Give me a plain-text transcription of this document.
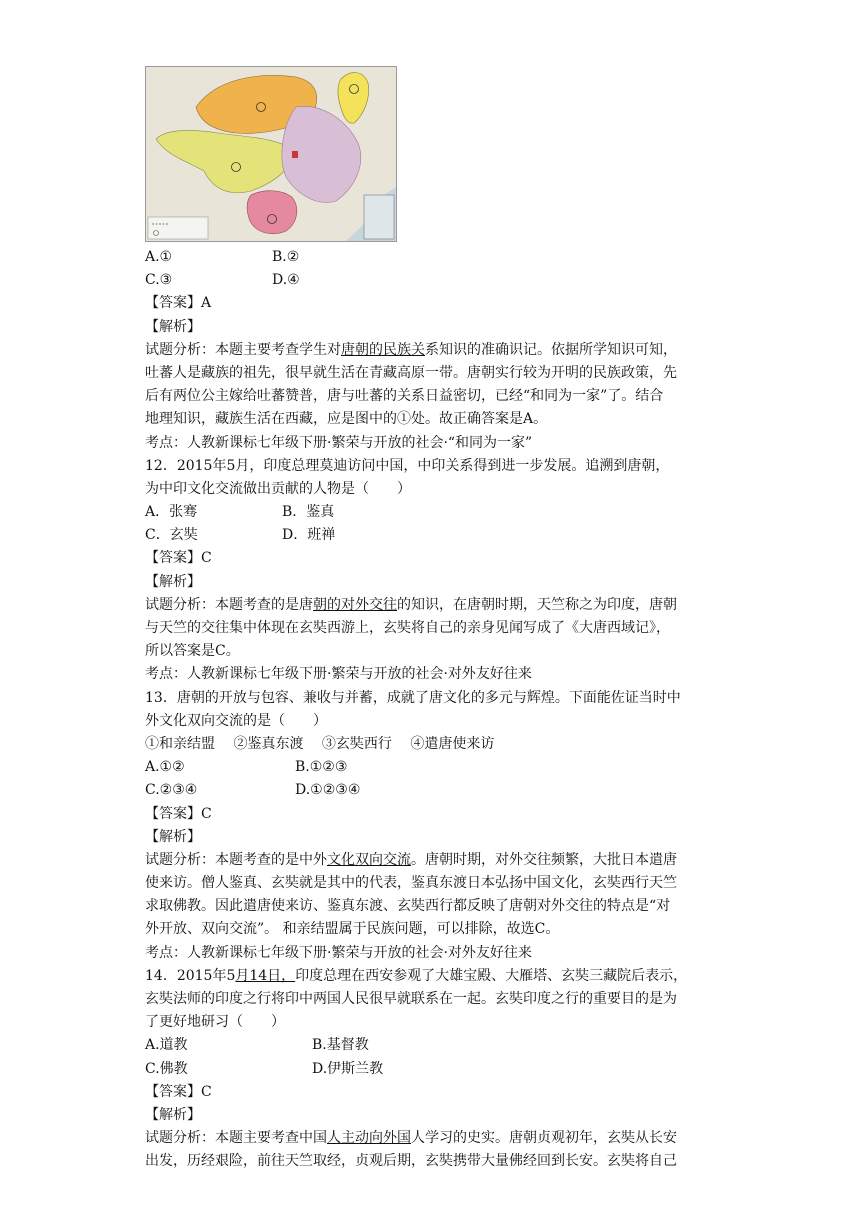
A.①	B.②
C.③	D.④
【答案】A
【解析】
试题分析：本题主要考查学生对唐朝的民族关系知识的准确识记。依据所学知识可知，
吐蕃人是藏族的祖先，很早就生活在青藏高原一带。唐朝实行较为开明的民族政策，先
后有两位公主嫁给吐蕃赞普，唐与吐蕃的关系日益密切，已经“和同为一家”了。结合
地理知识，藏族生活在西藏，应是图中的①处。故正确答案是A。
考点：人教新课标七年级下册·繁荣与开放的社会·“和同为一家”
12．2015年5月，印度总理莫迪访问中国，中印关系得到进一步发展。追溯到唐朝，
为中印文化交流做出贡献的人物是（　　）
A．张骞	B．鉴真
C．玄奘	D．班禅
【答案】C
【解析】
试题分析：本题考查的是唐朝的对外交往的知识，在唐朝时期，天竺称之为印度，唐朝
与天竺的交往集中体现在玄奘西游上，玄奘将自己的亲身见闻写成了《大唐西域记》，
所以答案是C。
考点：人教新课标七年级下册·繁荣与开放的社会·对外友好往来
13．唐朝的开放与包容、兼收与并蓄，成就了唐文化的多元与辉煌。下面能佐证当时中
外文化双向交流的是（　　）
①和亲结盟　 ②鉴真东渡　 ③玄奘西行　 ④遣唐使来访
A.①②	B.①②③
C.②③④	D.①②③④
【答案】C
【解析】
试题分析：本题考查的是中外文化双向交流。唐朝时期，对外交往频繁，大批日本遣唐
使来访。僧人鉴真、玄奘就是其中的代表，鉴真东渡日本弘扬中国文化，玄奘西行天竺
求取佛教。因此遣唐使来访、鉴真东渡、玄奘西行都反映了唐朝对外交往的特点是“对
外开放、双向交流”。 和亲结盟属于民族问题，可以排除，故选C。
考点：人教新课标七年级下册·繁荣与开放的社会·对外友好往来
14．2015年5月14日，印度总理在西安参观了大雄宝殿、大雁塔、玄奘三藏院后表示，
玄奘法师的印度之行将印中两国人民很早就联系在一起。玄奘印度之行的重要目的是为
了更好地研习（　　）
A.道教	B.基督教
C.佛教	D.伊斯兰教
【答案】C
【解析】
试题分析：本题主要考查中国人主动向外国人学习的史实。唐朝贞观初年，玄奘从长安
出发，历经艰险，前往天竺取经，贞观后期，玄奘携带大量佛经回到长安。玄奘将自己
